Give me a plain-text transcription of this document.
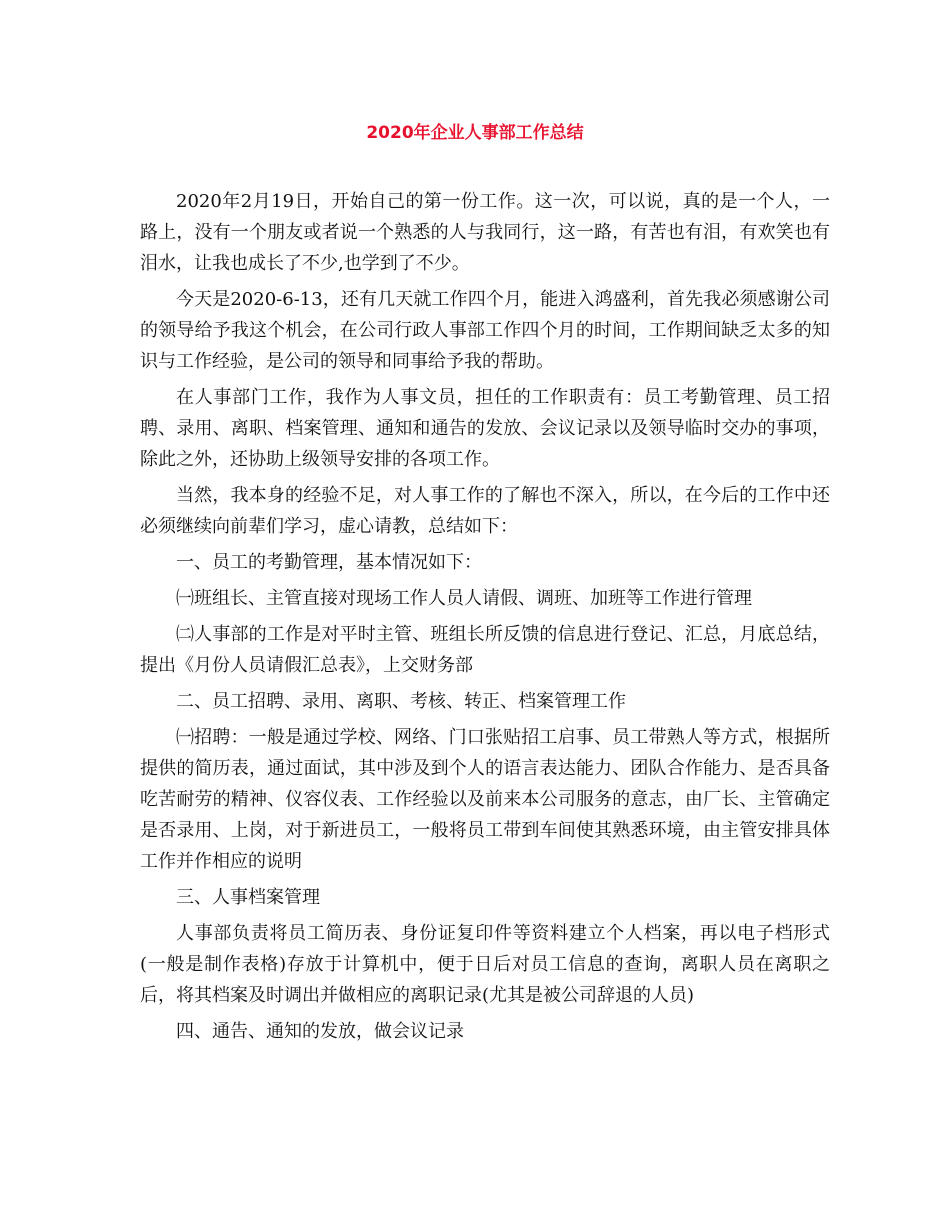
2020年企业人事部工作总结

2020年2月19日，开始自己的第一份工作。这一次，可以说，真的是一个人，一路上，没有一个朋友或者说一个熟悉的人与我同行，这一路，有苦也有泪，有欢笑也有泪水，让我也成长了不少,也学到了不少。

今天是2020-6-13，还有几天就工作四个月，能进入鸿盛利，首先我必须感谢公司的领导给予我这个机会，在公司行政人事部工作四个月的时间，工作期间缺乏太多的知识与工作经验，是公司的领导和同事给予我的帮助。

在人事部门工作，我作为人事文员，担任的工作职责有：员工考勤管理、员工招聘、录用、离职、档案管理、通知和通告的发放、会议记录以及领导临时交办的事项，除此之外，还协助上级领导安排的各项工作。

当然，我本身的经验不足，对人事工作的了解也不深入，所以，在今后的工作中还必须继续向前辈们学习，虚心请教，总结如下：

一、员工的考勤管理，基本情况如下：

㈠班组长、主管直接对现场工作人员人请假、调班、加班等工作进行管理

㈡人事部的工作是对平时主管、班组长所反馈的信息进行登记、汇总，月底总结，提出《月份人员请假汇总表》，上交财务部

二、员工招聘、录用、离职、考核、转正、档案管理工作

㈠招聘：一般是通过学校、网络、门口张贴招工启事、员工带熟人等方式，根据所提供的简历表，通过面试，其中涉及到个人的语言表达能力、团队合作能力、是否具备吃苦耐劳的精神、仪容仪表、工作经验以及前来本公司服务的意志，由厂长、主管确定是否录用、上岗，对于新进员工，一般将员工带到车间使其熟悉环境，由主管安排具体工作并作相应的说明

三、人事档案管理

人事部负责将员工简历表、身份证复印件等资料建立个人档案，再以电子档形式(一般是制作表格)存放于计算机中，便于日后对员工信息的查询，离职人员在离职之后，将其档案及时调出并做相应的离职记录(尤其是被公司辞退的人员)

四、通告、通知的发放，做会议记录
